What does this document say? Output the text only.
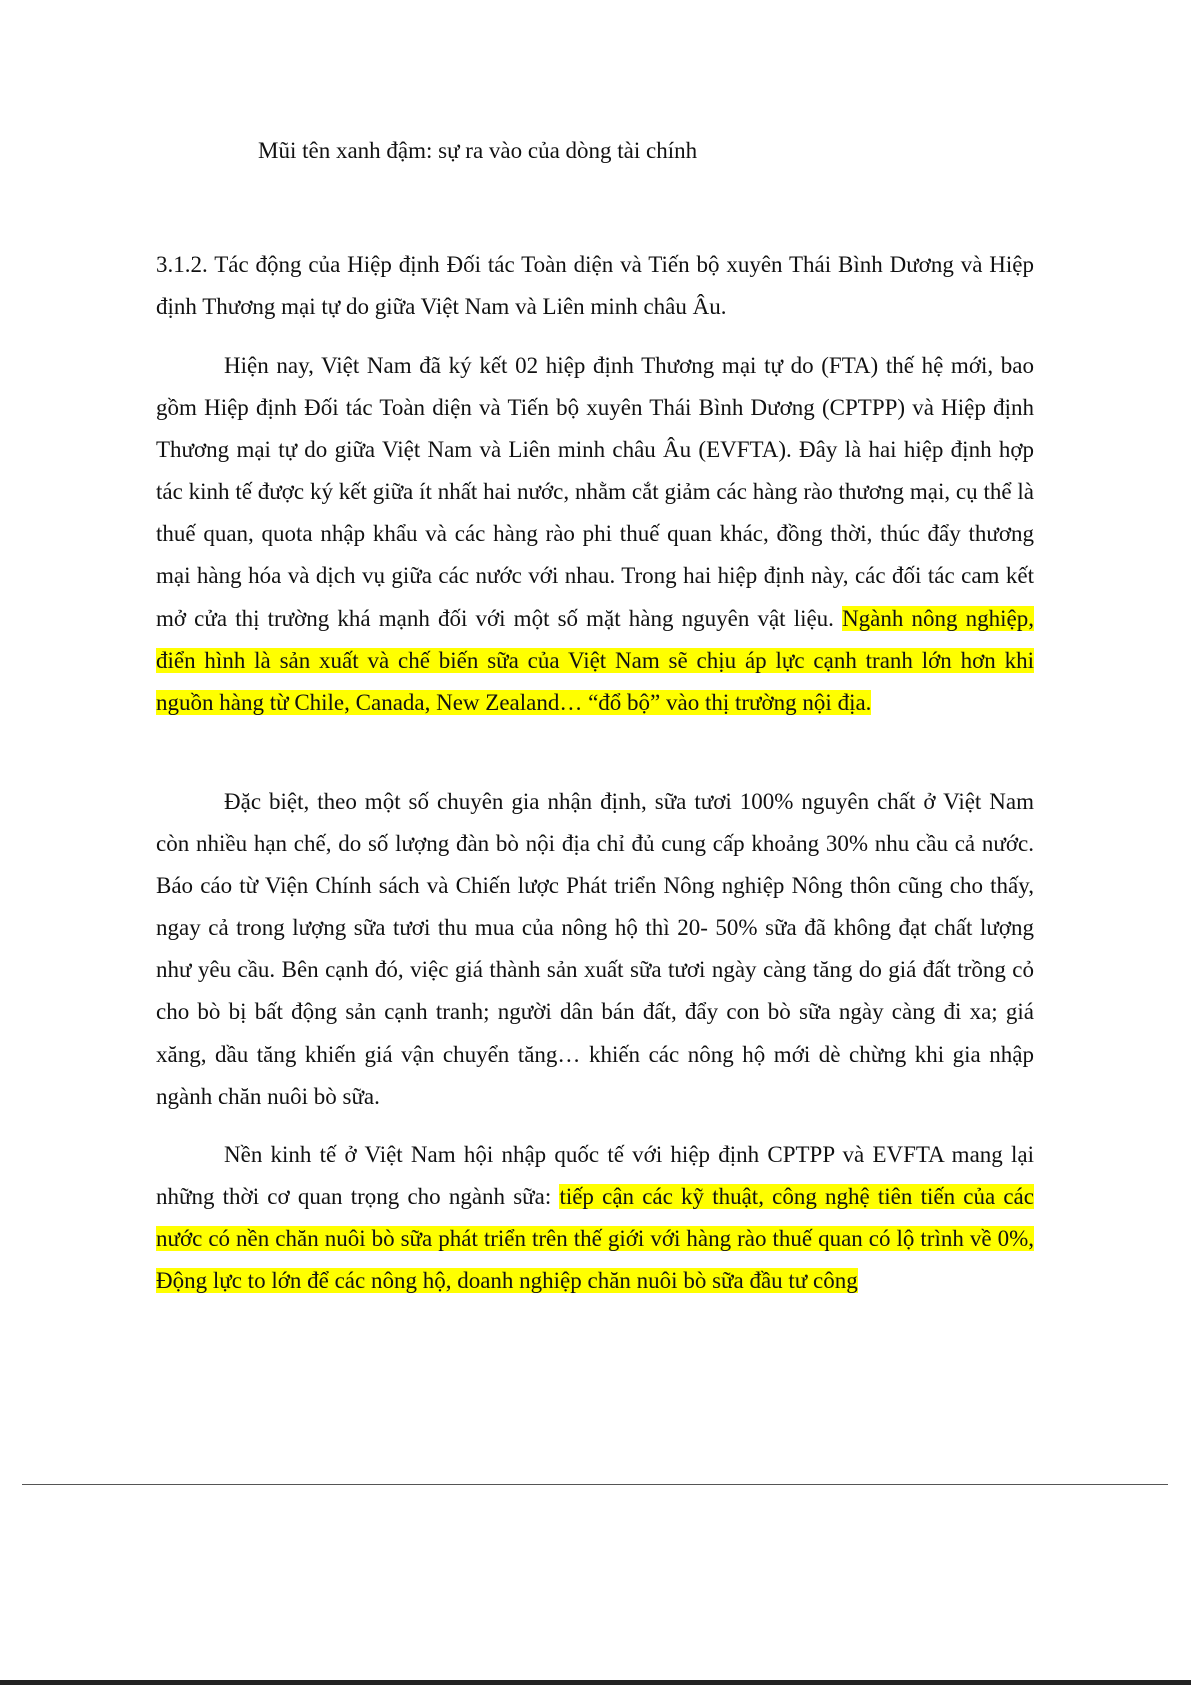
Mũi tên xanh đậm: sự ra vào của dòng tài chính
3.1.2. Tác động của Hiệp định Đối tác Toàn diện và Tiến bộ xuyên Thái Bình Dương và Hiệp định Thương mại tự do giữa Việt Nam và Liên minh châu Âu.

Hiện nay, Việt Nam đã ký kết 02 hiệp định Thương mại tự do (FTA) thế hệ mới, bao gồm Hiệp định Đối tác Toàn diện và Tiến bộ xuyên Thái Bình Dương (CPTPP) và Hiệp định Thương mại tự do giữa Việt Nam và Liên minh châu Âu (EVFTA). Đây là hai hiệp định hợp tác kinh tế được ký kết giữa ít nhất hai nước, nhằm cắt giảm các hàng rào thương mại, cụ thể là thuế quan, quota nhập khẩu và các hàng rào phi thuế quan khác, đồng thời, thúc đẩy thương mại hàng hóa và dịch vụ giữa các nước với nhau. Trong hai hiệp định này, các đối tác cam kết mở cửa thị trường khá mạnh đối với một số mặt hàng nguyên vật liệu. Ngành nông nghiệp, điển hình là sản xuất và chế biến sữa của Việt Nam sẽ chịu áp lực cạnh tranh lớn hơn khi nguồn hàng từ Chile, Canada, New Zealand… “đổ bộ” vào thị trường nội địa.

Đặc biệt, theo một số chuyên gia nhận định, sữa tươi 100% nguyên chất ở Việt Nam còn nhiều hạn chế, do số lượng đàn bò nội địa chỉ đủ cung cấp khoảng 30% nhu cầu cả nước. Báo cáo từ Viện Chính sách và Chiến lược Phát triển Nông nghiệp Nông thôn cũng cho thấy, ngay cả trong lượng sữa tươi thu mua của nông hộ thì 20- 50% sữa đã không đạt chất lượng như yêu cầu. Bên cạnh đó, việc giá thành sản xuất sữa tươi ngày càng tăng do giá đất trồng cỏ cho bò bị bất động sản cạnh tranh; người dân bán đất, đẩy con bò sữa ngày càng đi xa; giá xăng, dầu tăng khiến giá vận chuyển tăng… khiến các nông hộ mới dè chừng khi gia nhập ngành chăn nuôi bò sữa.

Nền kinh tế ở Việt Nam hội nhập quốc tế với hiệp định CPTPP và EVFTA mang lại những thời cơ quan trọng cho ngành sữa: tiếp cận các kỹ thuật, công nghệ tiên tiến của các nước có nền chăn nuôi bò sữa phát triển trên thế giới với hàng rào thuế quan có lộ trình về 0%, Động lực to lớn để các nông hộ, doanh nghiệp chăn nuôi bò sữa đầu tư công
